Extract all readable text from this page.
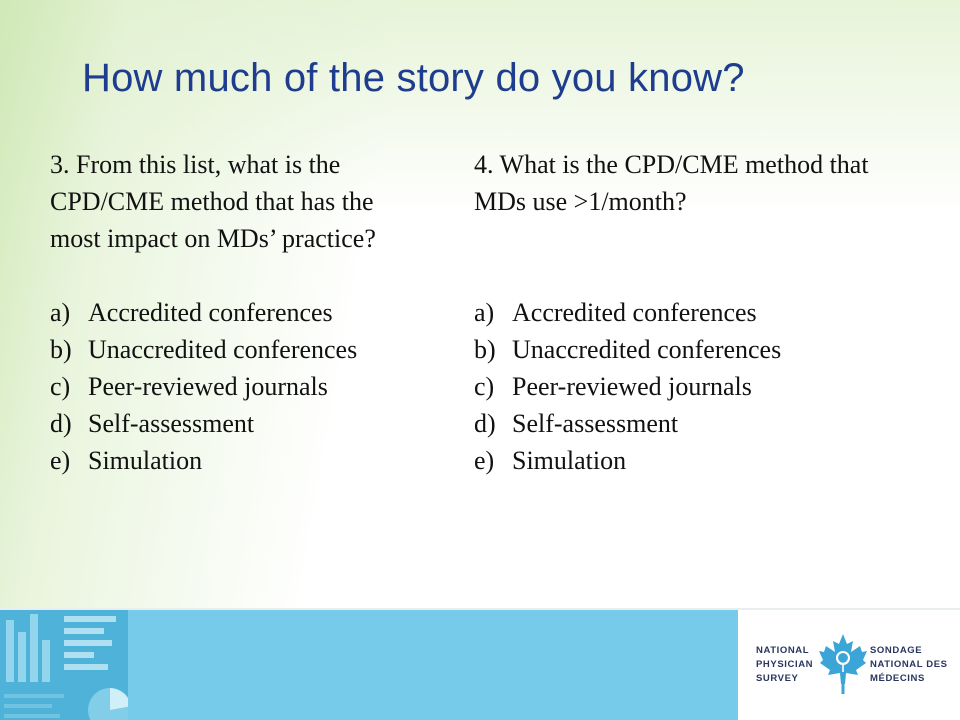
How much of the story do you know?
3. From this list, what is the CPD/CME method that has the most impact on MDs’ practice?
a) Accredited conferences
b) Unaccredited conferences
c) Peer-reviewed journals
d) Self-assessment
e) Simulation
4. What is the CPD/CME method that MDs use >1/month?
a) Accredited conferences
b) Unaccredited conferences
c) Peer-reviewed journals
d) Self-assessment
e) Simulation
NATIONAL
PHYSICIAN
SURVEY
SONDAGE
NATIONAL DES
MÉDECINS
